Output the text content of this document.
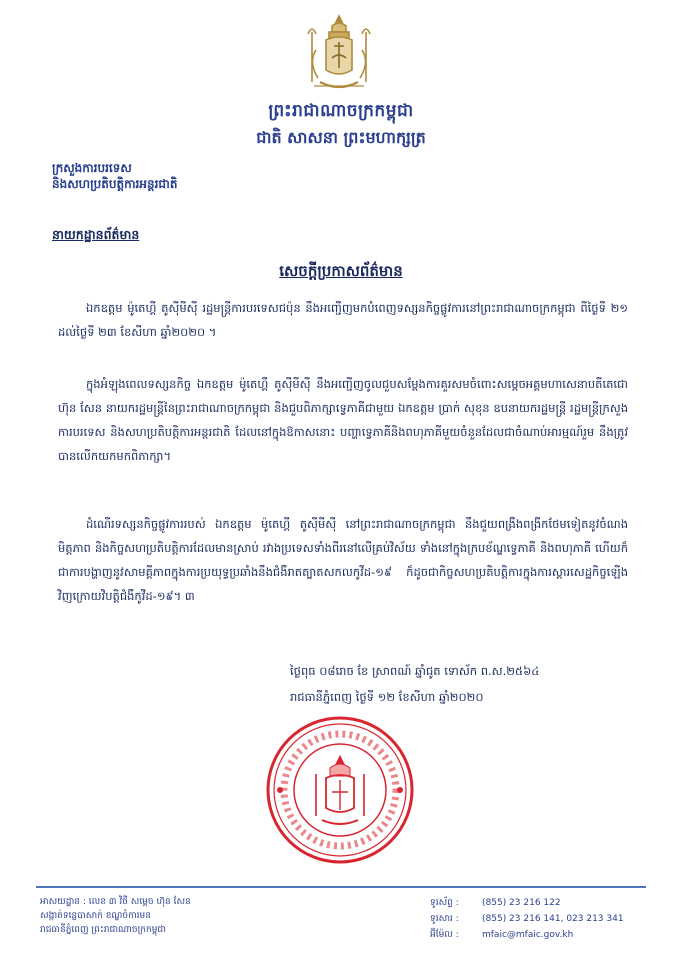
ព្រះរាជាណាចក្រកម្ពុជា
ជាតិ សាសនា ព្រះមហាក្សត្រ
ក្រសួងការបរទេស
និងសហប្រតិបត្តិការអន្តរជាតិ
នាយកដ្ឋានព័ត៌មាន
សេចក្តីប្រកាសព័ត៌មាន
ឯកឧត្តម ម៉ូតេហ្គី តូស៊ីមីស៊ី រដ្ឋមន្ត្រីការបរទេសជប៉ុន នឹងអញ្ជើញមកបំពេញទស្សនកិច្ចផ្លូវការនៅព្រះរាជាណាចក្រកម្ពុជា ពីថ្ងៃទី ២១ ដល់ថ្ងៃទី ២៣ ខែសីហា ឆ្នាំ២០២០ ។
ក្នុងអំឡុងពេលទស្សនកិច្ច ឯកឧត្តម ម៉ូតេហ្គី តូស៊ីមីស៊ី នឹងអញ្ជើញចូលជួបសម្តែងការគួរសមចំពោះសម្តេចអគ្គមហាសេនាបតីតេជោ ហ៊ុន សែន នាយករដ្ឋមន្ត្រីនៃព្រះរាជាណាចក្រកម្ពុជា និងជួបពិភាក្សាទ្វេភាគីជាមួយ ឯកឧត្តម ប្រាក់ សុខុន ឧបនាយករដ្ឋមន្ត្រី រដ្ឋមន្ត្រីក្រសួងការបរទេស និងសហប្រតិបត្តិការអន្តរជាតិ ដែលនៅក្នុងឱកាសនោះ បញ្ហាទ្វេភាគីនិងពហុភាគីមួយចំនួនដែលជាចំណាប់អារម្មណ៍រួម នឹងត្រូវបានលើកយកមកពិភាក្សា។
ដំណើរទស្សនកិច្ចផ្លូវការរបស់ ឯកឧត្តម ម៉ូតេហ្គី តូស៊ីមីស៊ី នៅព្រះរាជាណាចក្រកម្ពុជា នឹងជួយពង្រឹងពង្រីកថែមទៀតនូវចំណងមិត្តភាព និងកិច្ចសហប្រតិបត្តិការដែលមានស្រាប់ រវាងប្រទេសទាំងពីរនៅលើគ្រប់វិស័យ ទាំងនៅក្នុងក្របខ័ណ្ឌទ្វេភាគី និងពហុភាគី ហើយក៏ជាការបង្ហាញនូវសាមគ្គីភាពក្នុងការប្រយុទ្ធប្រឆាំងនឹងជំងឺរាតត្បាតសកលកូវីដ-១៩ ក៏ដូចជាកិច្ចសហប្រតិបត្តិការក្នុងការស្តារសេដ្ឋកិច្ចឡើងវិញក្រោយវិបត្តិជំងឺកូវីដ-១៩។ ៣
ថ្ងៃពុធ ០៨រោច ខែ ស្រាពណ៍ ឆ្នាំជូត ទោស័ក ព.ស.២៥៦៤
រាជធានីភ្នំពេញ ថ្ងៃទី ១២ ខែសីហា ឆ្នាំ២០២០
អាសយដ្ឋាន : លេខ ៣ វិថី សម្តេច ហ៊ុន សែន
សង្កាត់ទន្លេបាសាក់ ខណ្ឌចំការមន
រាជធានីភ្នំពេញ ព្រះរាជាណាចក្រកម្ពុជា
ទូរស័ព្ទ :	(855) 23 216 122
ទូរសារ :	(855) 23 216 141, 023 213 341
អ៊ីម៉ែល :	mfaic@mfaic.gov.kh
